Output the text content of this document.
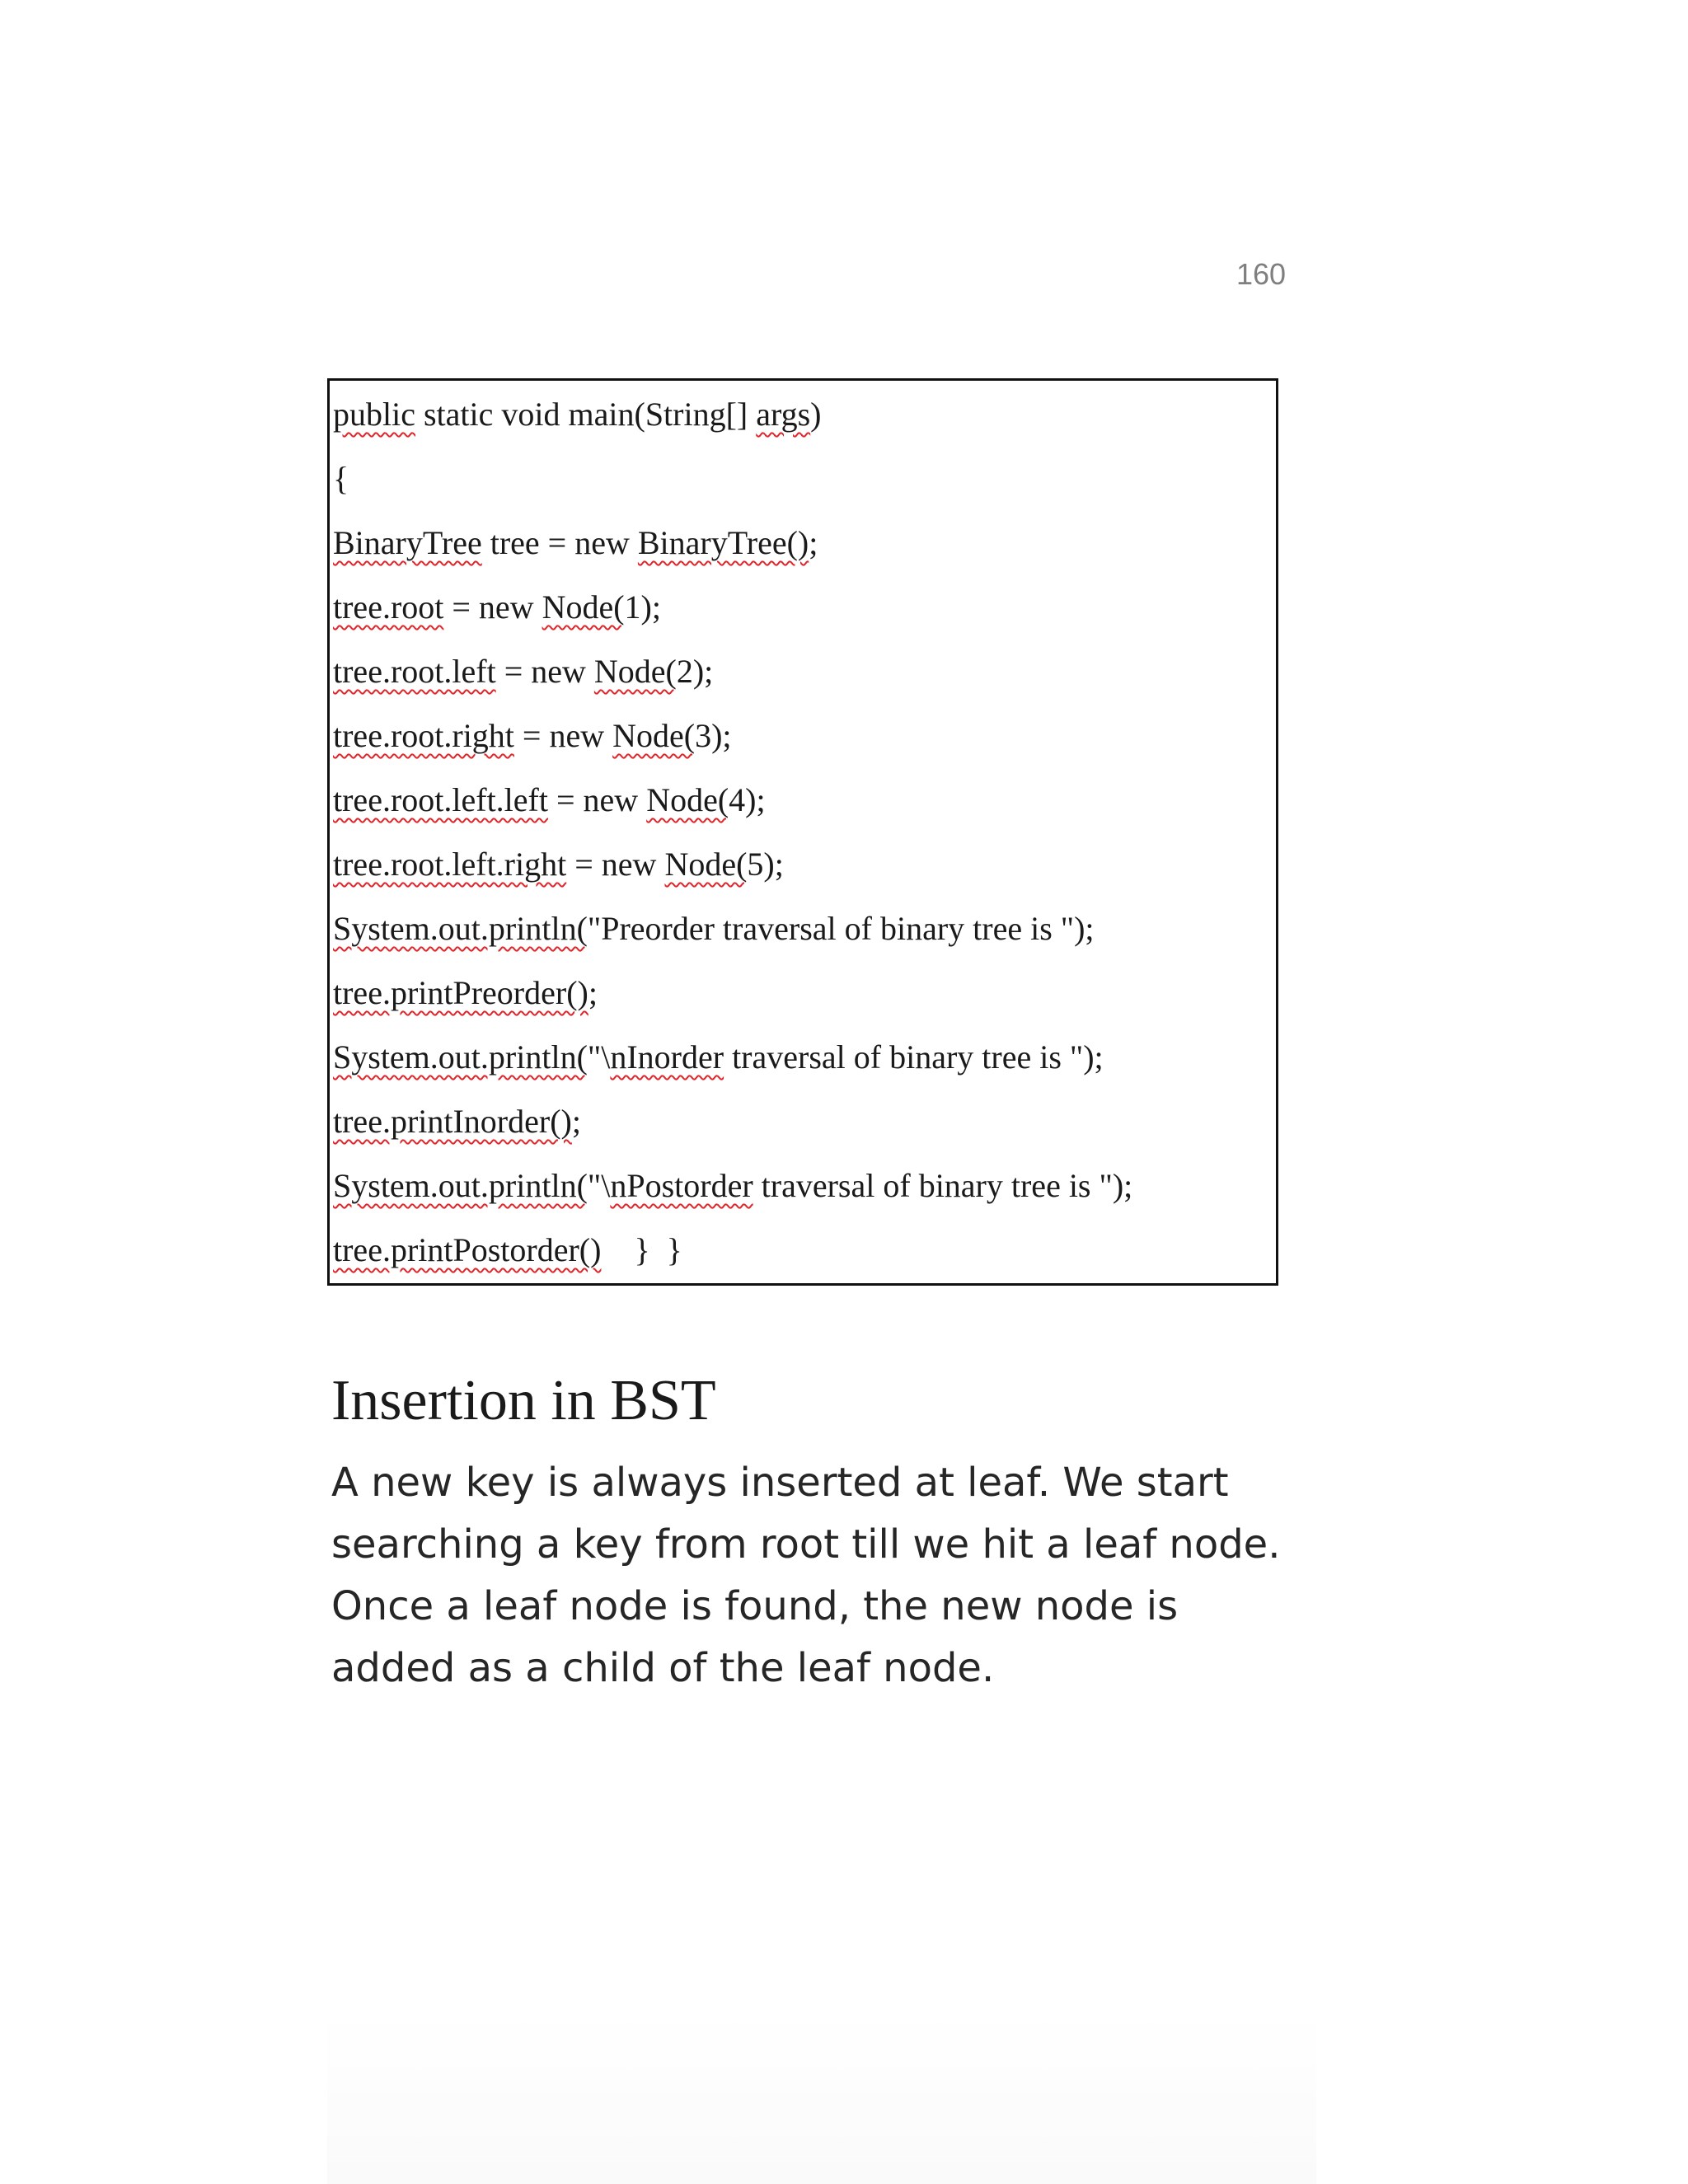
160
public static void main(String[] args)
{
BinaryTree tree = new BinaryTree();
tree.root = new Node(1);
tree.root.left = new Node(2);
tree.root.right = new Node(3);
tree.root.left.left = new Node(4);
tree.root.left.right = new Node(5);
System.out.println("Preorder traversal of binary tree is ");
tree.printPreorder();
System.out.println("\nInorder traversal of binary tree is ");
tree.printInorder();
System.out.println("\nPostorder traversal of binary tree is ");
tree.printPostorder()    }  }
Insertion in BST

A new key is always inserted at leaf. We start
searching a key from root till we hit a leaf node.
Once a leaf node is found, the new node is
added as a child of the leaf node.
